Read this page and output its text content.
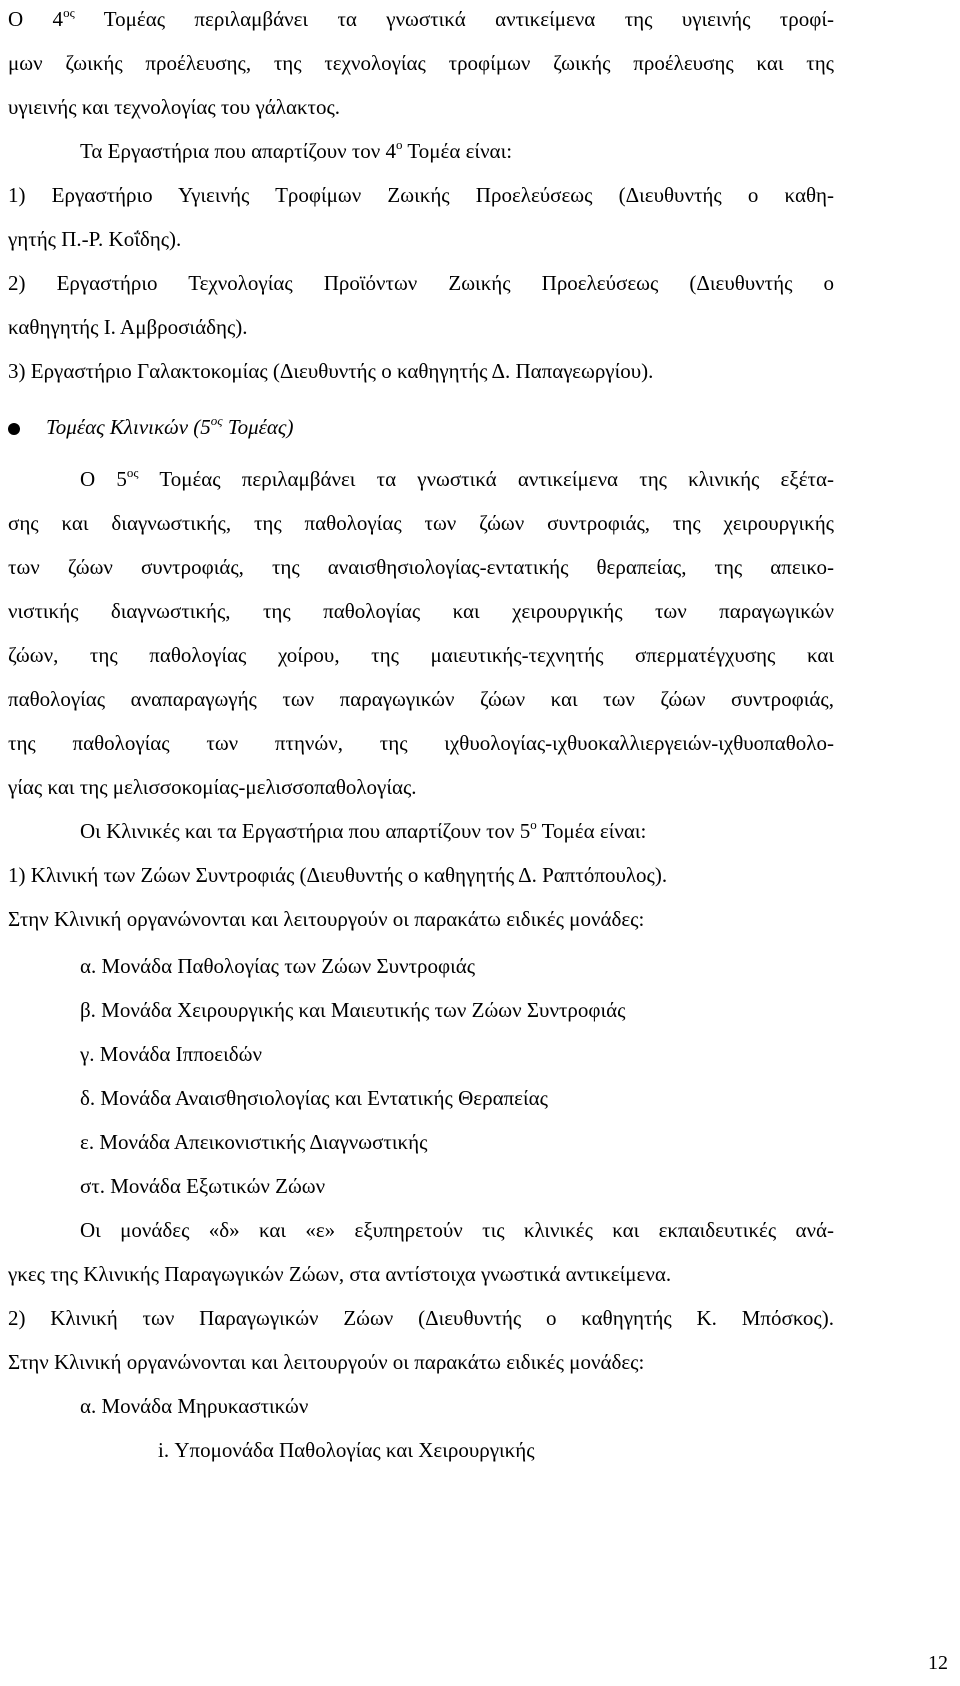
Ο $4^{o\varsigma}$ Τομέας περιλαμβάνει τα γνωστικά αντικείμενα της υγιεινής τροφί-
μων ζωικής προέλευσης, της τεχνολογίας τροφίμων ζωικής προέλευσης και της
υγιεινής και τεχνολογίας του γάλακτος.
Τα Εργαστήρια που απαρτίζουν τον $4^o$ Τομέα είναι:
1) Εργαστήριο Υγιεινής Τροφίμων Ζωικής Προελεύσεως (Διευθυντής ο καθη-
γητής Π.-Ρ. Κοΐδης).
2) Εργαστήριο Τεχνολογίας Προϊόντων Ζωικής Προελεύσεως (Διευθυντής ο
καθηγητής Ι. Αμβροσιάδης).
3) Εργαστήριο Γαλακτοκομίας (Διευθυντής ο καθηγητής Δ. Παπαγεωργίου).
Τομέας Κλινικών ($5^{o\varsigma}$ Τομέας)
Ο $5^{o\varsigma}$ Τομέας περιλαμβάνει τα γνωστικά αντικείμενα της κλινικής εξέτα-
σης και διαγνωστικής, της παθολογίας των ζώων συντροφιάς, της χειρουργικής
των ζώων συντροφιάς, της αναισθησιολογίας-εντατικής θεραπείας, της απεικο-
νιστικής διαγνωστικής, της παθολογίας και χειρουργικής των παραγωγικών
ζώων, της παθολογίας χοίρου, της μαιευτικής-τεχνητής σπερματέγχυσης και
παθολογίας αναπαραγωγής των παραγωγικών ζώων και των ζώων συντροφιάς,
της παθολογίας των πτηνών, της ιχθυολογίας-ιχθυοκαλλιεργειών-ιχθυοπαθολο-
γίας και της μελισσοκομίας-μελισσοπαθολογίας.
Οι Κλινικές και τα Εργαστήρια που απαρτίζουν τον $5^o$ Τομέα είναι:
1) Κλινική των Ζώων Συντροφιάς (Διευθυντής ο καθηγητής Δ. Ραπτόπουλος).
Στην Κλινική οργανώνονται και λειτουργούν οι παρακάτω ειδικές μονάδες:
α. Μονάδα Παθολογίας των Ζώων Συντροφιάς
β. Μονάδα Χειρουργικής και Μαιευτικής των Ζώων Συντροφιάς
γ. Μονάδα Ιπποειδών
δ. Μονάδα Αναισθησιολογίας και Εντατικής Θεραπείας
ε. Μονάδα Απεικονιστικής Διαγνωστικής
στ. Μονάδα Εξωτικών Ζώων
Οι μονάδες «δ» και «ε» εξυπηρετούν τις κλινικές και εκπαιδευτικές ανά-
γκες της Κλινικής Παραγωγικών Ζώων, στα αντίστοιχα γνωστικά αντικείμενα.
2) Κλινική των Παραγωγικών Ζώων (Διευθυντής ο καθηγητής Κ. Μπόσκος).
Στην Κλινική οργανώνονται και λειτουργούν οι παρακάτω ειδικές μονάδες:
α. Μονάδα Μηρυκαστικών
i. Υπομονάδα Παθολογίας και Χειρουργικής
12
